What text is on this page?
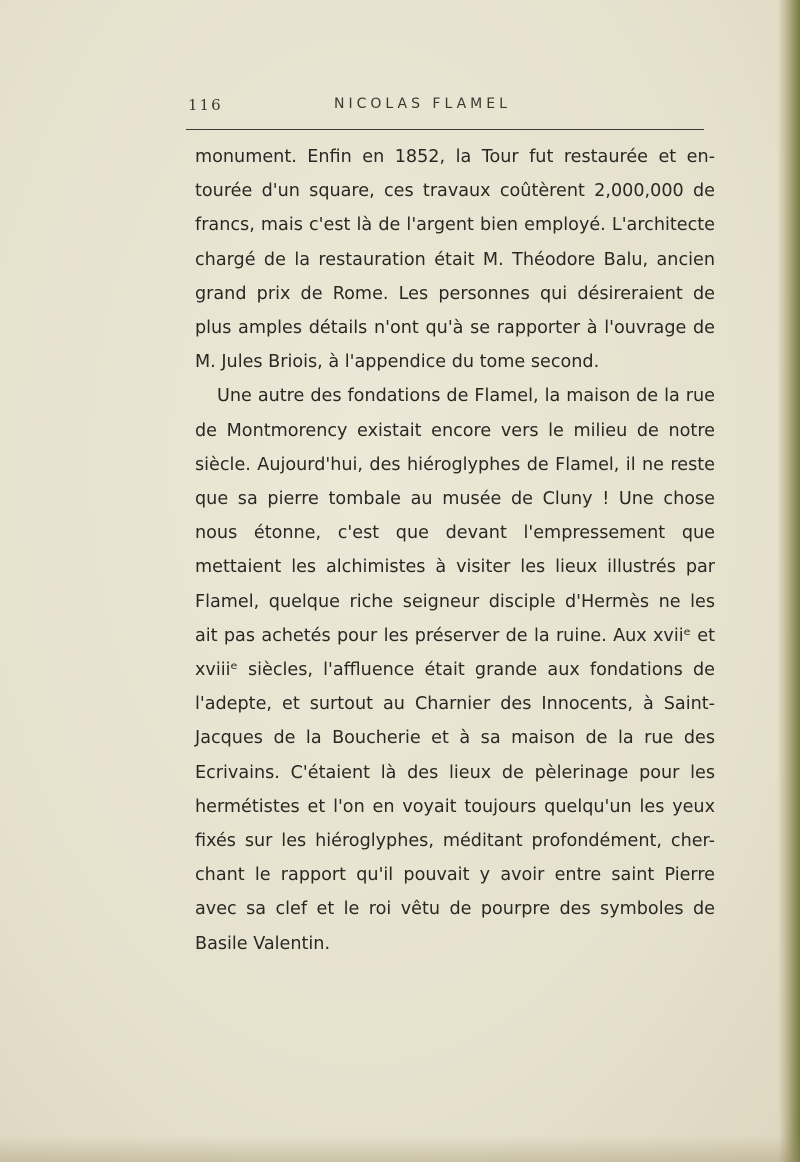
116	NICOLAS FLAMEL

monument. Enfin en 1852, la Tour fut restaurée et en-tourée d'un square, ces travaux coûtèrent 2,000,000 de francs, mais c'est là de l'argent bien employé. L'architecte chargé de la restauration était M. Théodore Balu, ancien grand prix de Rome. Les personnes qui désireraient de plus amples détails n'ont qu'à se rapporter à l'ouvrage de M. Jules Briois, à l'appendice du tome second.

Une autre des fondations de Flamel, la maison de la rue de Montmorency existait encore vers le milieu de notre siècle. Aujourd'hui, des hiéroglyphes de Flamel, il ne reste que sa pierre tombale au musée de Cluny ! Une chose nous étonne, c'est que devant l'empressement que mettaient les alchimistes à visiter les lieux illustrés par Flamel, quelque riche seigneur disciple d'Hermès ne les ait pas achetés pour les préserver de la ruine. Aux xviiᵉ et xviiiᵉ siècles, l'affluence était grande aux fondations de l'adepte, et surtout au Charnier des Innocents, à Saint-Jacques de la Boucherie et à sa maison de la rue des Ecrivains. C'étaient là des lieux de pèlerinage pour les hermétistes et l'on en voyait toujours quelqu'un les yeux fixés sur les hiéroglyphes, méditant profondément, cher-chant le rapport qu'il pouvait y avoir entre saint Pierre avec sa clef et le roi vêtu de pourpre des symboles de Basile Valentin.
